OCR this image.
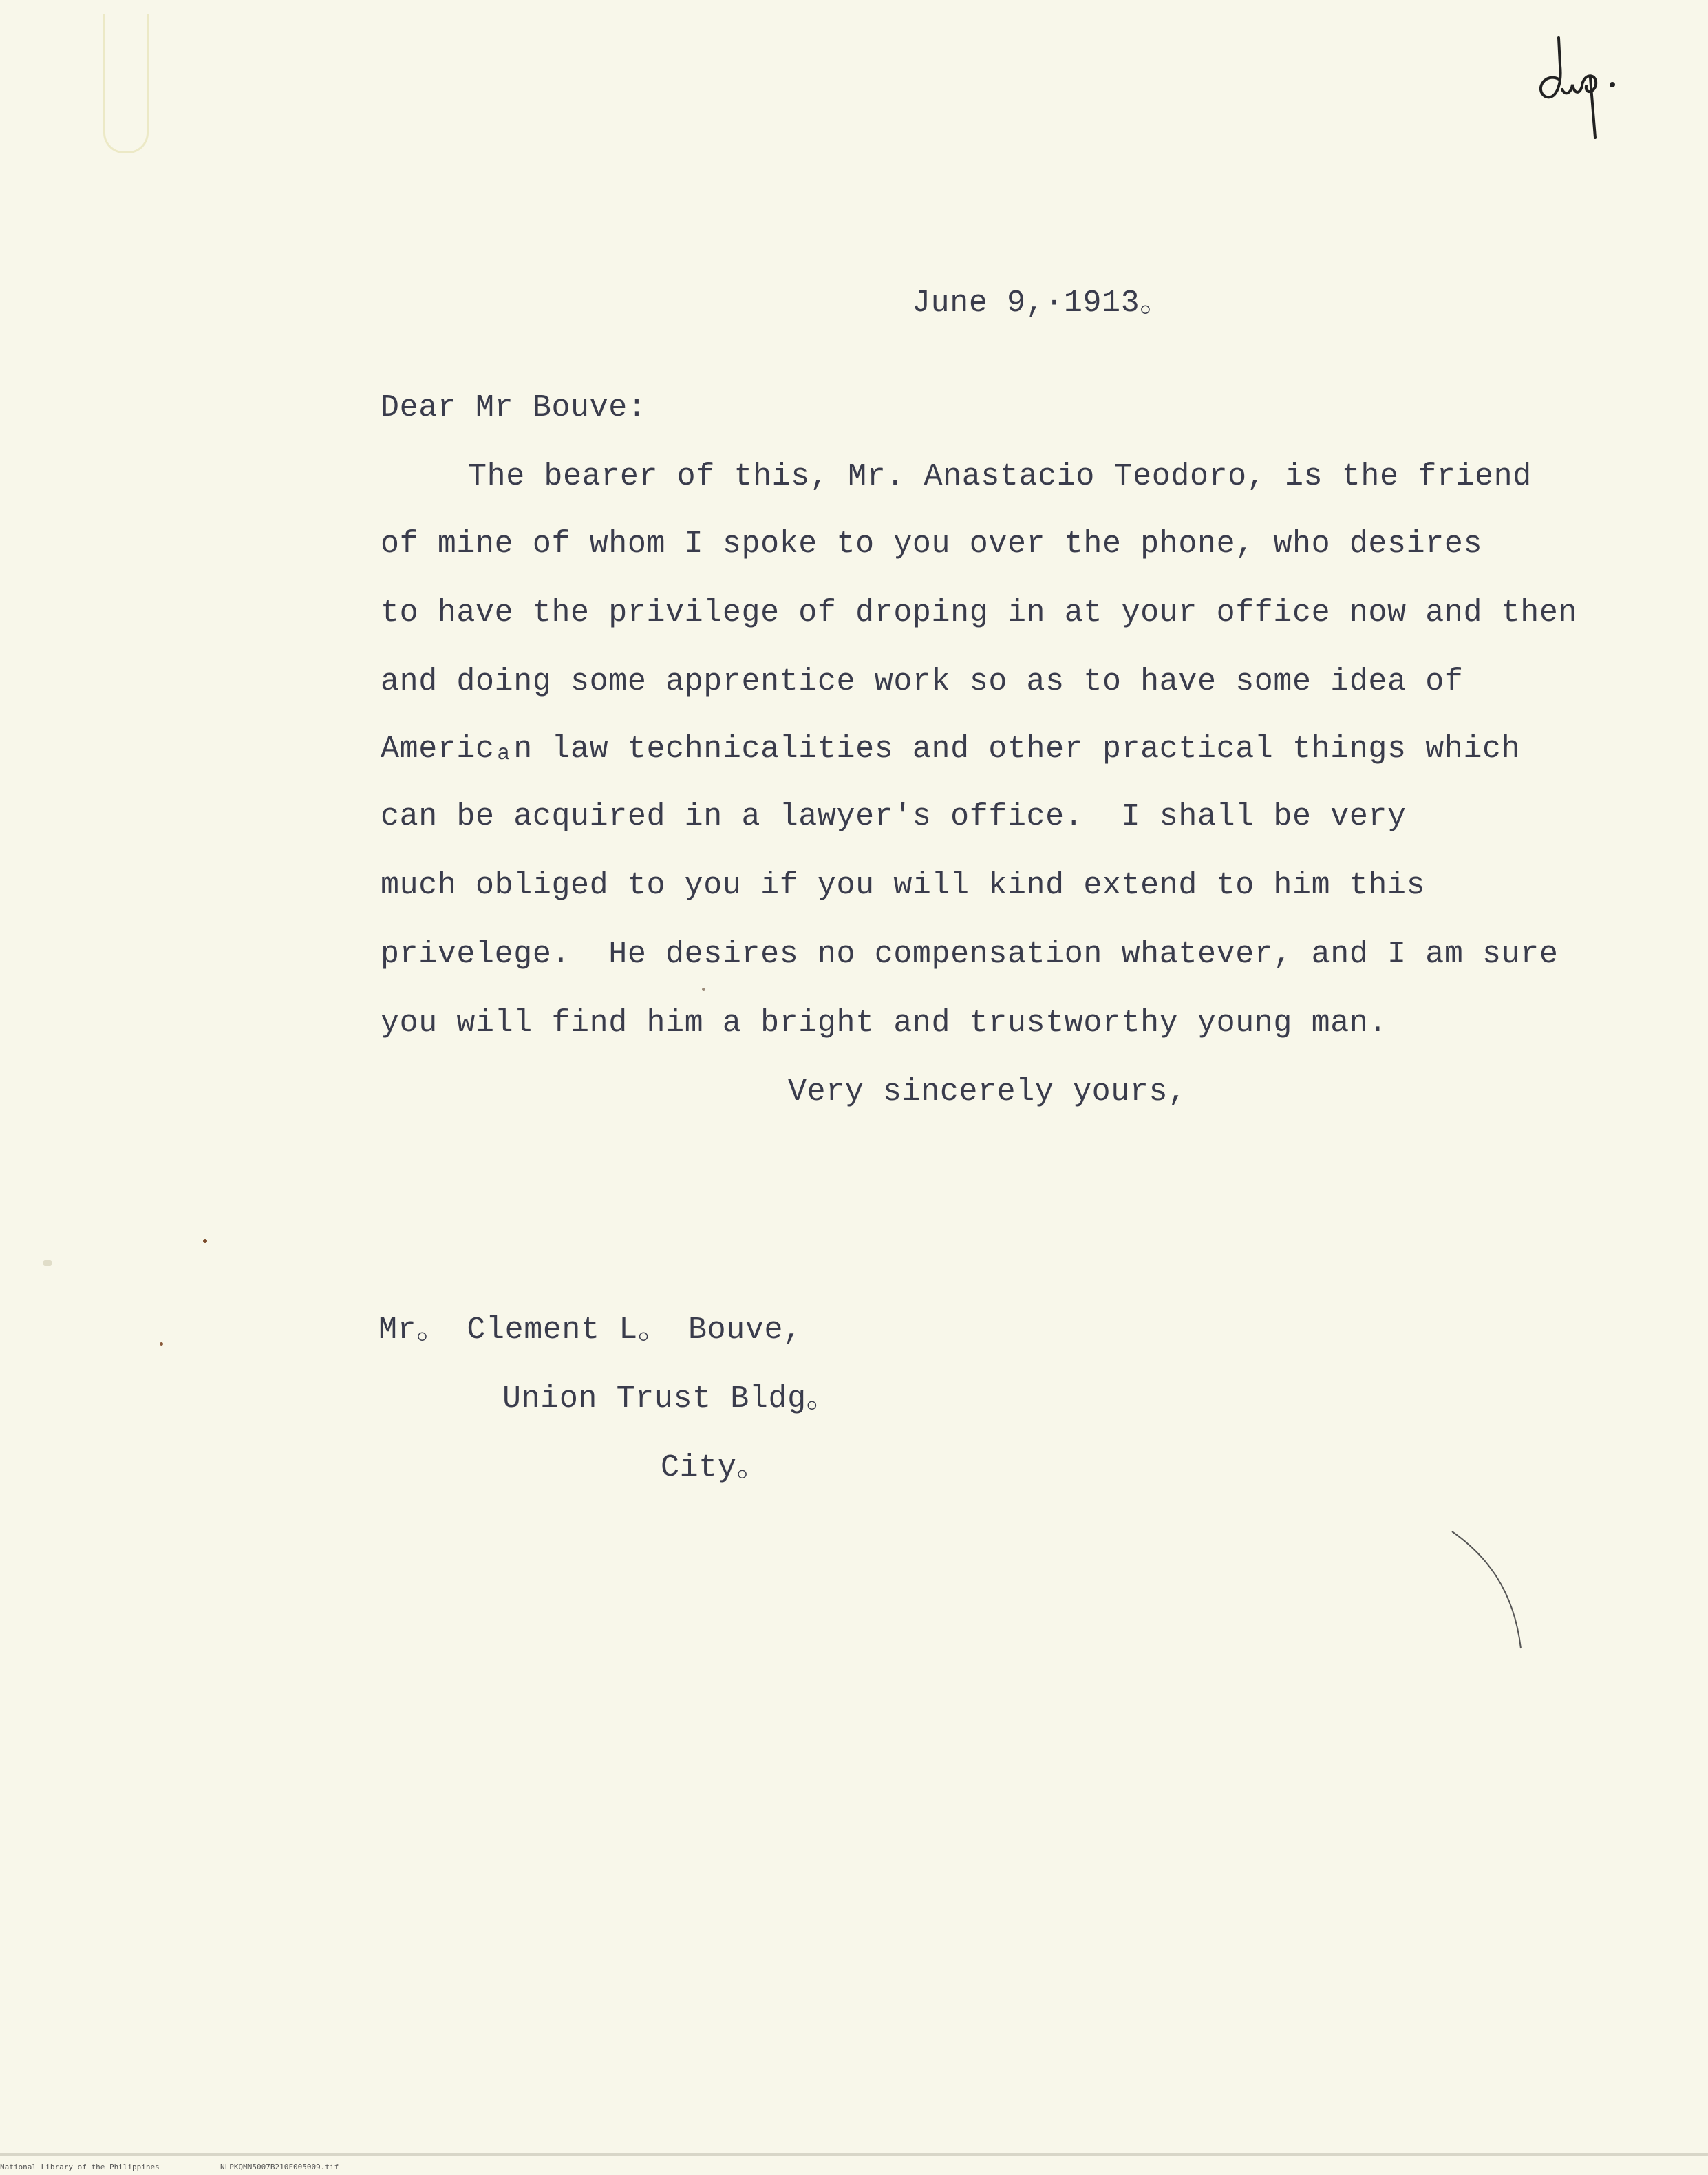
June 9,·1913。
Dear Mr Bouve:
The bearer of this, Mr. Anastacio Teodoro, is the friend
of mine of whom I spoke to you over the phone, who desires
to have the privilege of droping in at your office now and then
and doing some apprentice work so as to have some idea of
Americₐn law technicalities and other practical things which
can be acquired in a lawyer's office.  I shall be very
much obliged to you if you will kind extend to him this
privelege.  He desires no compensation whatever, and I am sure
you will find him a bright and trustworthy young man.
Very sincerely yours,
Mr。 Clement L。 Bouve,
Union Trust Bldg。
City。
National Library of the Philippines	NLPKQMN5007B210F005009.tif
